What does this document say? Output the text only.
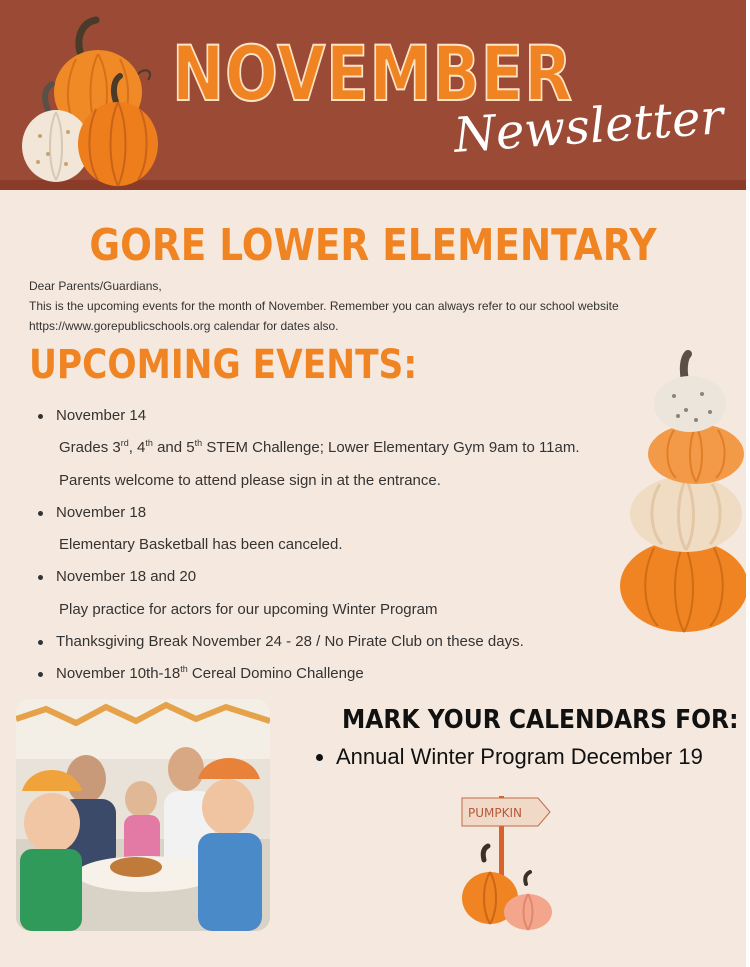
NOVEMBER
Newsletter
GORE LOWER ELEMENTARY

Dear Parents/Guardians,

This is the upcoming events for the month of November. Remember you can always refer to our school website

https://www.gorepublicschools.org calendar for dates also.

UPCOMING EVENTS:
November 14
Grades 3rd, 4th and 5th STEM Challenge; Lower Elementary Gym 9am to 11am.
Parents welcome to attend please sign in at the entrance.
November 18
Elementary Basketball has been canceled.
November 18 and 20
Play practice for actors for our upcoming Winter Program
Thanksgiving Break November 24 - 28 / No Pirate Club on these days.
November 10th-18th Cereal Domino Challenge
MARK YOUR CALENDARS FOR:
Annual Winter Program December 19
PUMPKIN
